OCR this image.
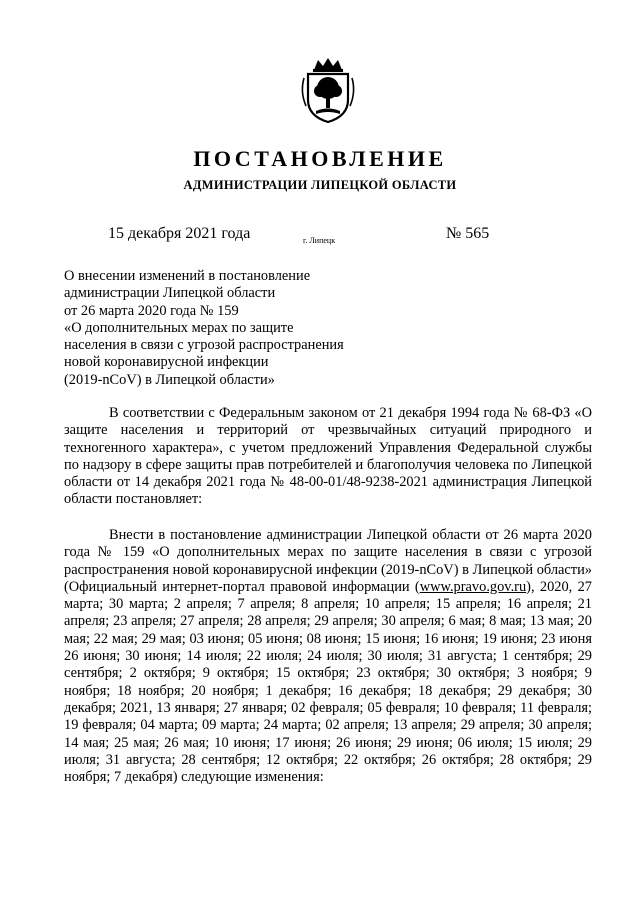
ПОСТАНОВЛЕНИЕ
АДМИНИСТРАЦИИ ЛИПЕЦКОЙ ОБЛАСТИ
15 декабря 2021 года	г. Липецк	№ 565
О внесении изменений в постановление
администрации Липецкой области
от 26 марта 2020 года № 159
«О дополнительных мерах по защите
населения в связи с угрозой распространения
новой коронавирусной инфекции
(2019-nCoV) в Липецкой области»

В соответствии с Федеральным законом от 21 декабря 1994 года № 68-ФЗ «О защите населения и территорий от чрезвычайных ситуаций природного и техногенного характера», с учетом предложений Управления Федеральной службы по надзору в сфере защиты прав потребителей и благополучия человека по Липецкой области от 14 декабря 2021 года № 48-00-01/48-9238-2021 администрация Липецкой области постановляет:

Внести в постановление администрации Липецкой области от 26 марта 2020 года № 159 «О дополнительных мерах по защите населения в связи с угрозой распространения новой коронавирусной инфекции (2019-nCoV) в Липецкой области» (Официальный интернет-портал правовой информации (www.pravo.gov.ru), 2020, 27 марта; 30 марта; 2 апреля; 7 апреля; 8 апреля; 10 апреля; 15 апреля; 16 апреля; 21 апреля; 23 апреля; 27 апреля; 28 апреля; 29 апреля; 30 апреля; 6 мая; 8 мая; 13 мая; 20 мая; 22 мая; 29 мая; 03 июня; 05 июня; 08 июня; 15 июня; 16 июня; 19 июня; 23 июня 26 июня; 30 июня; 14 июля; 22 июля; 24 июля; 30 июля; 31 августа; 1 сентября; 29 сентября; 2 октября; 9 октября; 15 октября; 23 октября; 30 октября; 3 ноября; 9 ноября; 18 ноября; 20 ноября; 1 декабря; 16 декабря; 18 декабря; 29 декабря; 30 декабря; 2021, 13 января; 27 января; 02 февраля; 05 февраля; 10 февраля; 11 февраля; 19 февраля; 04 марта; 09 марта; 24 марта; 02 апреля; 13 апреля; 29 апреля; 30 апреля; 14 мая; 25 мая; 26 мая; 10 июня; 17 июня; 26 июня; 29 июня; 06 июля; 15 июля; 29 июля; 31 августа; 28 сентября; 12 октября; 22 октября; 26 октября; 28 октября; 29 ноября; 7 декабря) следующие изменения:
